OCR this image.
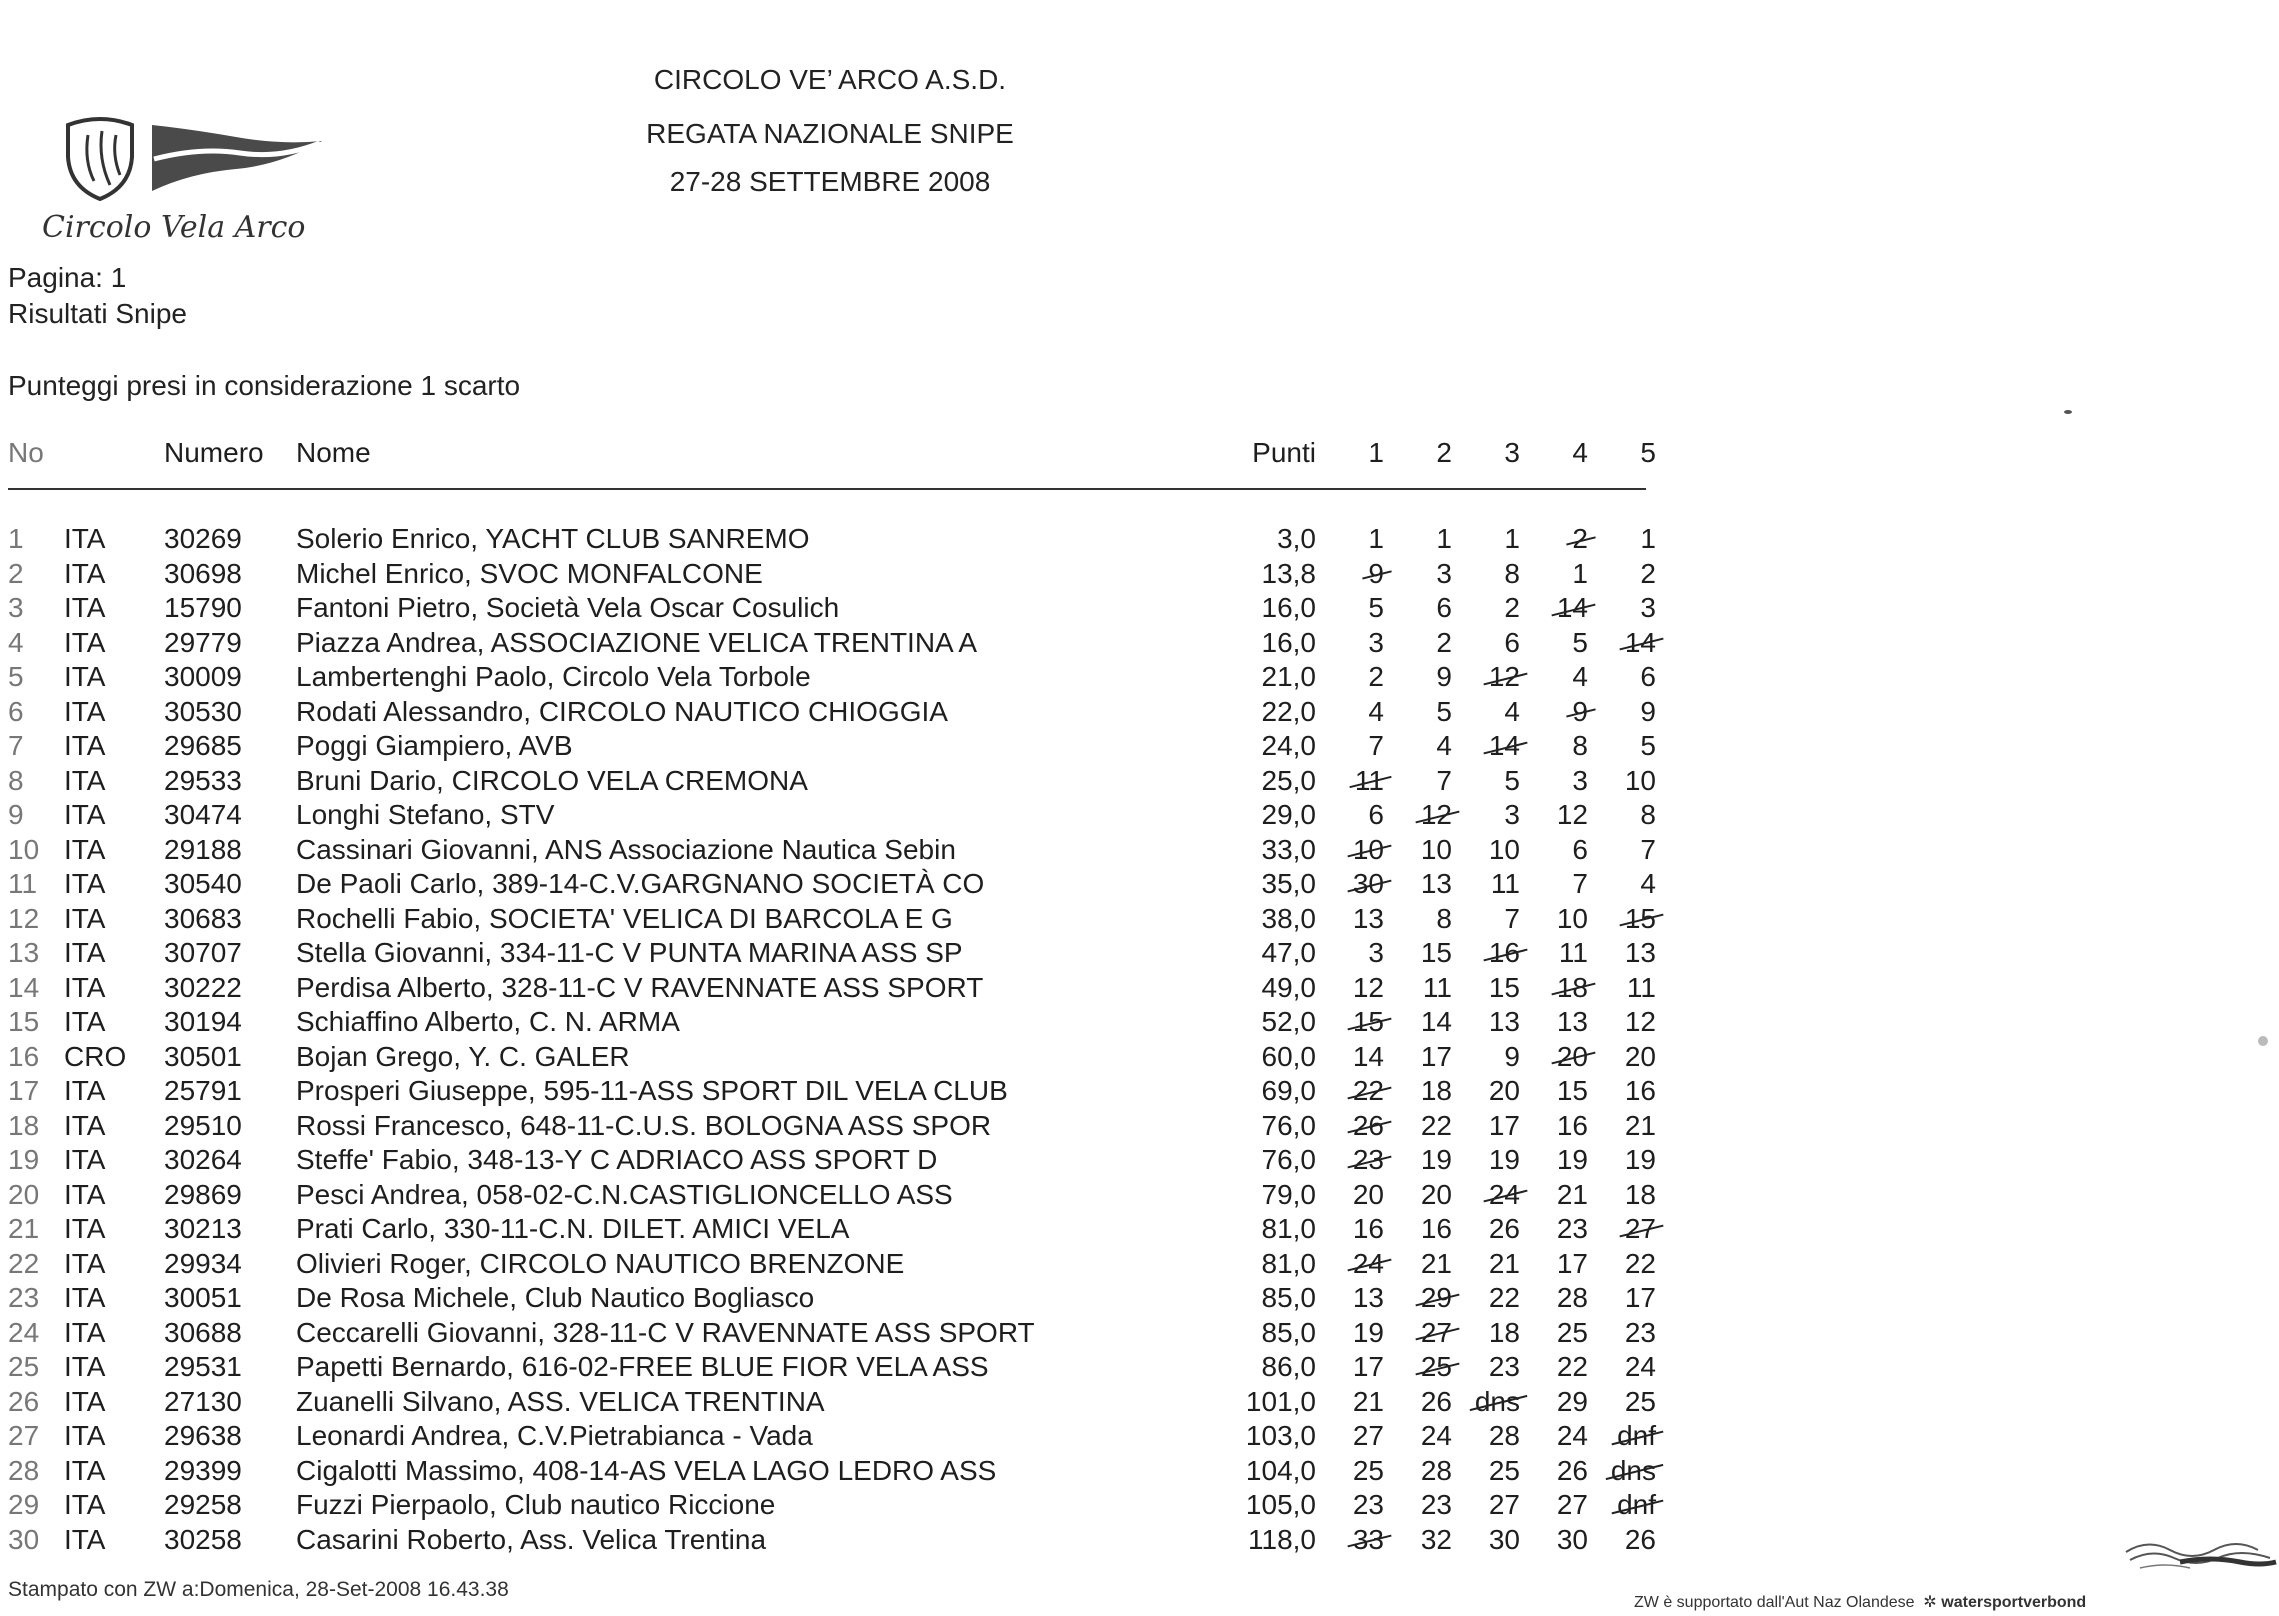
Circolo Vela Arco
CIRCOLO VE’ ARCO A.S.D.
REGATA NAZIONALE SNIPE
27-28 SETTEMBRE 2008
Pagina: 1
Risultati Snipe
Punteggi presi in considerazione 1 scarto
No		Numero	Nome	Punti	1	2	3	4	5

1	ITA	30269	Solerio Enrico, YACHT CLUB SANREMO	3,0	1	1	1	2	1
2	ITA	30698	Michel Enrico, SVOC MONFALCONE	13,8	9	3	8	1	2
3	ITA	15790	Fantoni Pietro, Società Vela Oscar Cosulich	16,0	5	6	2	14	3
4	ITA	29779	Piazza Andrea, ASSOCIAZIONE VELICA TRENTINA A	16,0	3	2	6	5	14
5	ITA	30009	Lambertenghi Paolo, Circolo Vela Torbole	21,0	2	9	12	4	6
6	ITA	30530	Rodati Alessandro, CIRCOLO NAUTICO CHIOGGIA	22,0	4	5	4	9	9
7	ITA	29685	Poggi Giampiero, AVB	24,0	7	4	14	8	5
8	ITA	29533	Bruni Dario, CIRCOLO VELA CREMONA	25,0	11	7	5	3	10
9	ITA	30474	Longhi Stefano, STV	29,0	6	12	3	12	8
10	ITA	29188	Cassinari Giovanni, ANS Associazione Nautica Sebin	33,0	10	10	10	6	7
11	ITA	30540	De Paoli Carlo, 389-14-C.V.GARGNANO SOCIETÀ CO	35,0	30	13	11	7	4
12	ITA	30683	Rochelli Fabio, SOCIETA' VELICA DI BARCOLA E G	38,0	13	8	7	10	15
13	ITA	30707	Stella Giovanni, 334-11-C V PUNTA MARINA ASS SP	47,0	3	15	16	11	13
14	ITA	30222	Perdisa Alberto, 328-11-C V RAVENNATE ASS SPORT	49,0	12	11	15	18	11
15	ITA	30194	Schiaffino Alberto, C. N. ARMA	52,0	15	14	13	13	12
16	CRO	30501	Bojan Grego, Y. C. GALER	60,0	14	17	9	20	20
17	ITA	25791	Prosperi Giuseppe, 595-11-ASS SPORT DIL VELA CLUB	69,0	22	18	20	15	16
18	ITA	29510	Rossi Francesco, 648-11-C.U.S. BOLOGNA ASS SPOR	76,0	26	22	17	16	21
19	ITA	30264	Steffe' Fabio, 348-13-Y C ADRIACO ASS SPORT D	76,0	23	19	19	19	19
20	ITA	29869	Pesci Andrea, 058-02-C.N.CASTIGLIONCELLO ASS	79,0	20	20	24	21	18
21	ITA	30213	Prati Carlo, 330-11-C.N. DILET. AMICI VELA	81,0	16	16	26	23	27
22	ITA	29934	Olivieri Roger, CIRCOLO NAUTICO BRENZONE	81,0	24	21	21	17	22
23	ITA	30051	De Rosa Michele, Club Nautico Bogliasco	85,0	13	29	22	28	17
24	ITA	30688	Ceccarelli Giovanni, 328-11-C V RAVENNATE ASS SPORT	85,0	19	27	18	25	23
25	ITA	29531	Papetti Bernardo, 616-02-FREE BLUE FIOR VELA ASS	86,0	17	25	23	22	24
26	ITA	27130	Zuanelli Silvano, ASS. VELICA TRENTINA	101,0	21	26	dns	29	25
27	ITA	29638	Leonardi Andrea, C.V.Pietrabianca - Vada	103,0	27	24	28	24	dnf
28	ITA	29399	Cigalotti Massimo, 408-14-AS VELA LAGO LEDRO ASS	104,0	25	28	25	26	dns
29	ITA	29258	Fuzzi Pierpaolo, Club nautico Riccione	105,0	23	23	27	27	dnf
30	ITA	30258	Casarini Roberto, Ass. Velica Trentina	118,0	33	32	30	30	26
Stampato con ZW a:Domenica, 28-Set-2008 16.43.38
ZW è supportato dall'Aut Naz Olandese ✲ watersportverbond
